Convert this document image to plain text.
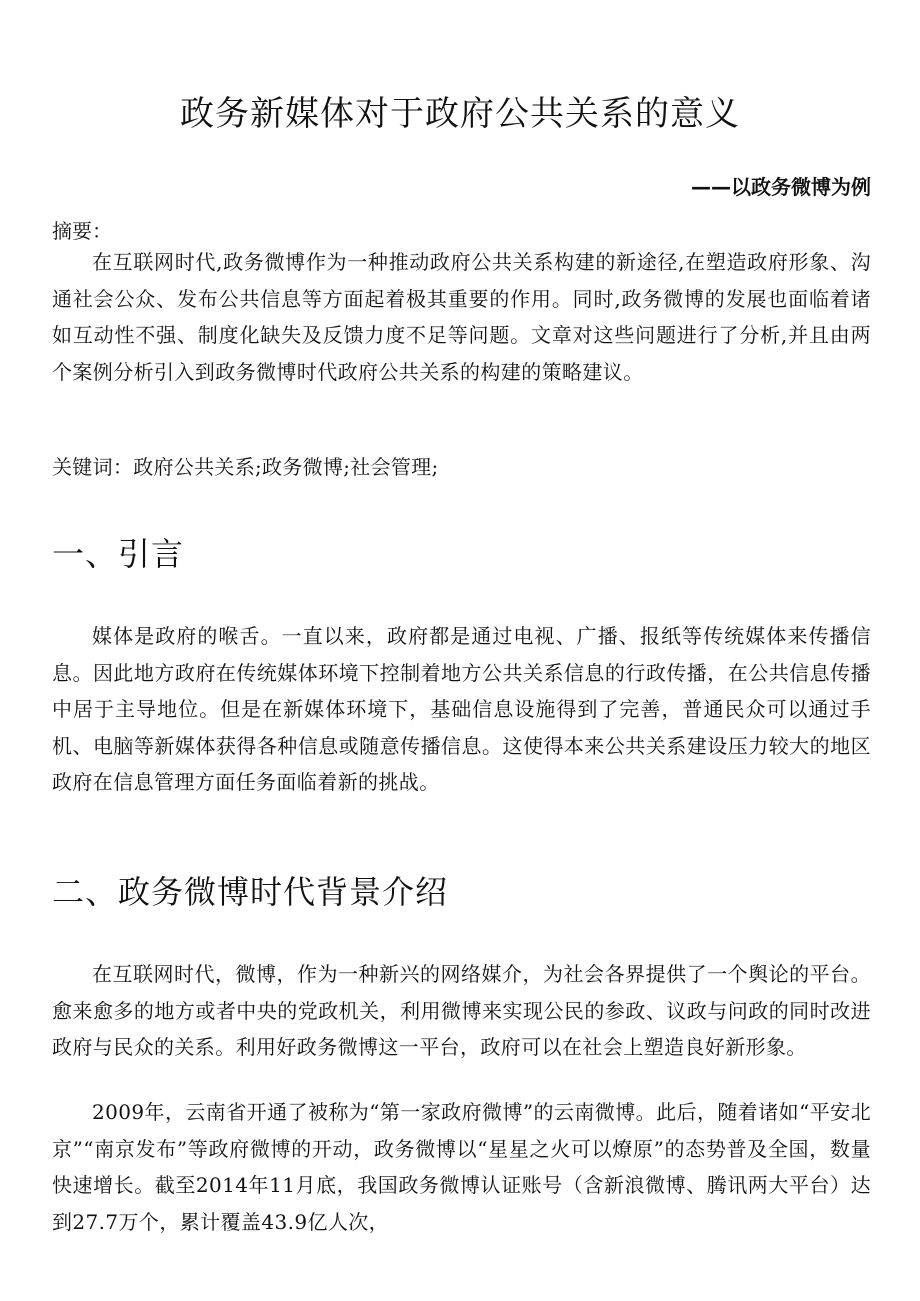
政务新媒体对于政府公共关系的意义
——以政务微博为例
摘要：

在互联网时代,政务微博作为一种推动政府公共关系构建的新途径,在塑造政府形象、沟通社会公众、发布公共信息等方面起着极其重要的作用。同时,政务微博的发展也面临着诸如互动性不强、制度化缺失及反馈力度不足等问题。文章对这些问题进行了分析,并且由两个案例分析引入到政务微博时代政府公共关系的构建的策略建议。

关键词：政府公共关系;政务微博;社会管理;
一、引言

媒体是政府的喉舌。一直以来，政府都是通过电视、广播、报纸等传统媒体来传播信息。因此地方政府在传统媒体环境下控制着地方公共关系信息的行政传播，在公共信息传播中居于主导地位。但是在新媒体环境下，基础信息设施得到了完善，普通民众可以通过手机、电脑等新媒体获得各种信息或随意传播信息。这使得本来公共关系建设压力较大的地区政府在信息管理方面任务面临着新的挑战。

二、政务微博时代背景介绍

在互联网时代，微博，作为一种新兴的网络媒介，为社会各界提供了一个舆论的平台。愈来愈多的地方或者中央的党政机关，利用微博来实现公民的参政、议政与问政的同时改进政府与民众的关系。利用好政务微博这一平台，政府可以在社会上塑造良好新形象。

2009年，云南省开通了被称为“第一家政府微博”的云南微博。此后，随着诸如“平安北京”“南京发布”等政府微博的开动，政务微博以“星星之火可以燎原”的态势普及全国，数量快速增长。截至2014年11月底，我国政务微博认证账号（含新浪微博、腾讯两大平台）达到27.7万个，累计覆盖43.9亿人次，
